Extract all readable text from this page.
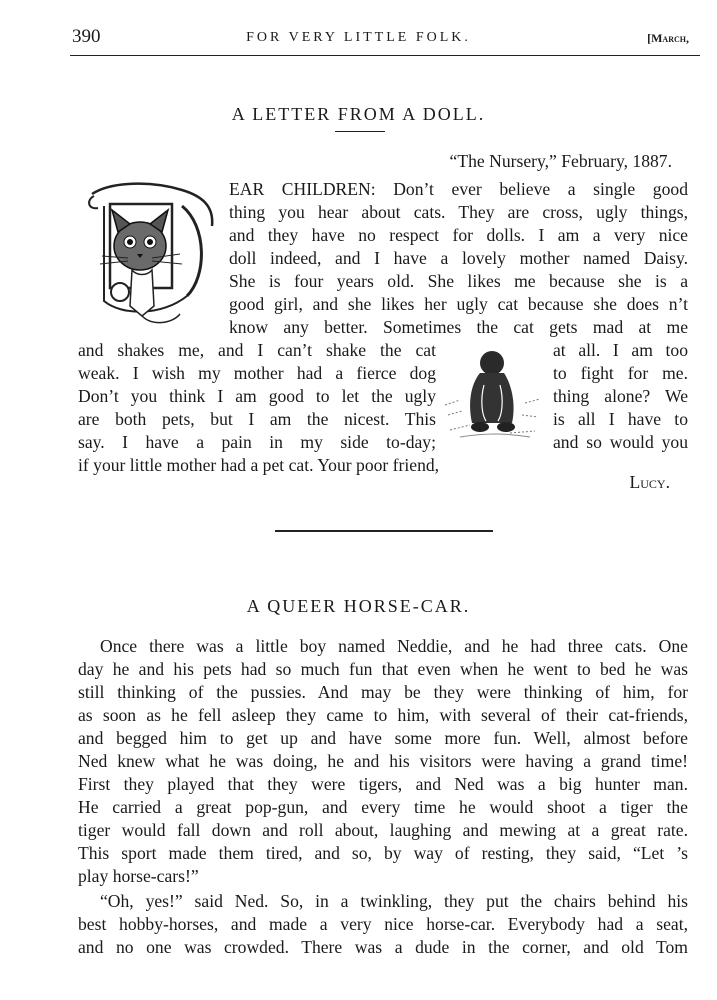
390	FOR VERY LITTLE FOLK.	[March,
A LETTER FROM A DOLL.
“The Nursery,” February, 1887.
EAR CHILDREN: Don’t ever believe a single good
thing you hear about cats. They are cross, ugly things,
and they have no respect for dolls. I am a very nice
doll indeed, and I have a lovely mother named Daisy.
She is four years old. She likes me because she is a
good girl, and she likes her ugly cat because she does n’t
know any better. Sometimes the cat gets mad at me
and shakes me, and I can’t shake the cat	at all. I am too
weak. I wish my mother had a fierce dog	to fight for me.
Don’t you think I am good to let the ugly	thing alone? We
are both pets, but I am the nicest. This	is all I have to
say. I have a pain in my side to-day;	and so would you
if your little mother had a pet cat. Your poor friend,
Lucy.
A QUEER HORSE-CAR.
Once there was a little boy named Neddie, and he had three cats. One
day he and his pets had so much fun that even when he went to bed he was
still thinking of the pussies. And may be they were thinking of him, for
as soon as he fell asleep they came to him, with several of their cat-friends,
and begged him to get up and have some more fun. Well, almost before
Ned knew what he was doing, he and his visitors were having a grand time!
First they played that they were tigers, and Ned was a big hunter man.
He carried a great pop-gun, and every time he would shoot a tiger the
tiger would fall down and roll about, laughing and mewing at a great rate.
This sport made them tired, and so, by way of resting, they said, “Let ’s
play horse-cars!”
“Oh, yes!” said Ned. So, in a twinkling, they put the chairs behind his
best hobby-horses, and made a very nice horse-car. Everybody had a seat,
and no one was crowded. There was a dude in the corner, and old Tom
